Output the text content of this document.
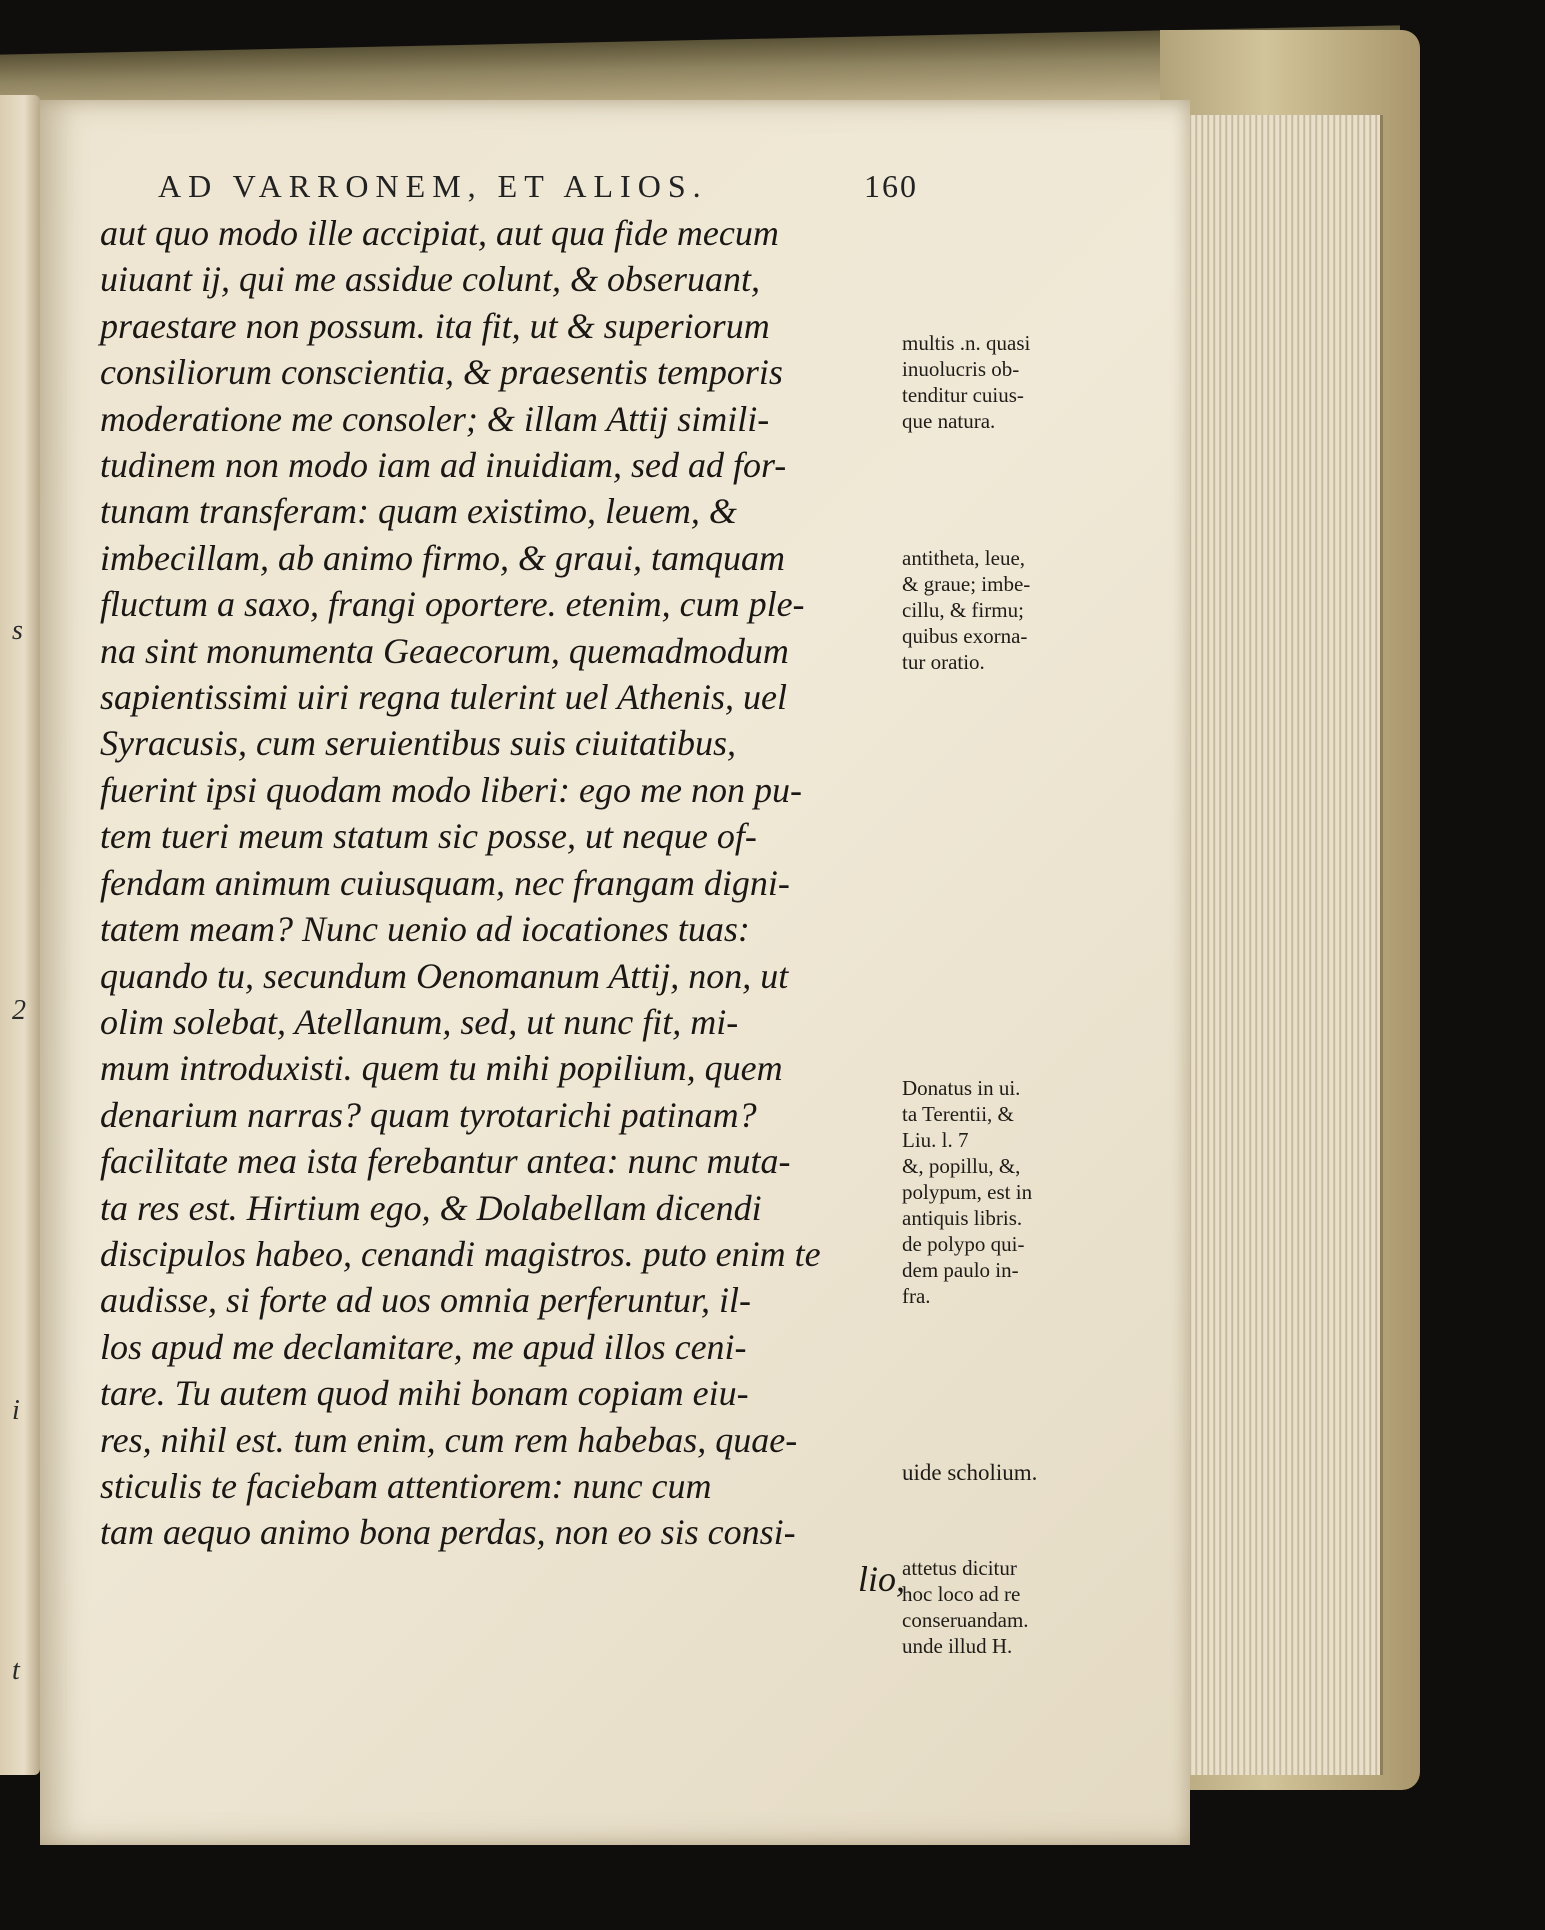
s
2
i
t
AD VARRONEM, ET ALIOS.	160
aut quo modo ille accipiat, aut qua fide mecum
uiuant ij, qui me assidue colunt, & obseruant,
praestare non possum. ita fit, ut & superiorum
consiliorum conscientia, & praesentis temporis
moderatione me consoler; & illam Attij simili-
tudinem non modo iam ad inuidiam, sed ad for-
tunam transferam: quam existimo, leuem, &
imbecillam, ab animo firmo, & graui, tamquam
fluctum a saxo, frangi oportere. etenim, cum ple-
na sint monumenta Geaecorum, quemadmodum
sapientissimi uiri regna tulerint uel Athenis, uel
Syracusis, cum seruientibus suis ciuitatibus,
fuerint ipsi quodam modo liberi: ego me non pu-
tem tueri meum statum sic posse, ut neque of-
fendam animum cuiusquam, nec frangam digni-
tatem meam? Nunc uenio ad iocationes tuas:
quando tu, secundum Oenomanum Attij, non, ut
olim solebat, Atellanum, sed, ut nunc fit, mi-
mum introduxisti. quem tu mihi popilium, quem
denarium narras? quam tyrotarichi patinam?
facilitate mea ista ferebantur antea: nunc muta-
ta res est. Hirtium ego, & Dolabellam dicendi
discipulos habeo, cenandi magistros. puto enim te
audisse, si forte ad uos omnia perferuntur, il-
los apud me declamitare, me apud illos ceni-
tare. Tu autem quod mihi bonam copiam eiu-
res, nihil est. tum enim, cum rem habebas, quae-
sticulis te faciebam attentiorem: nunc cum
tam aequo animo bona perdas, non eo sis consi-
lio,
multis .n. quasi
inuolucris ob-
tenditur cuius-
que natura.
antitheta, leue,
& graue; imbe-
cillu, & firmu;
quibus exorna-
tur oratio.
Donatus in ui.
ta Terentii, &
Liu. l. 7
&, popillu, &,
polypum, est in
antiquis libris.
de polypo qui-
dem paulo in-
fra.
uide scholium.
attetus dicitur
hoc loco ad re
conseruandam.
unde illud H.
